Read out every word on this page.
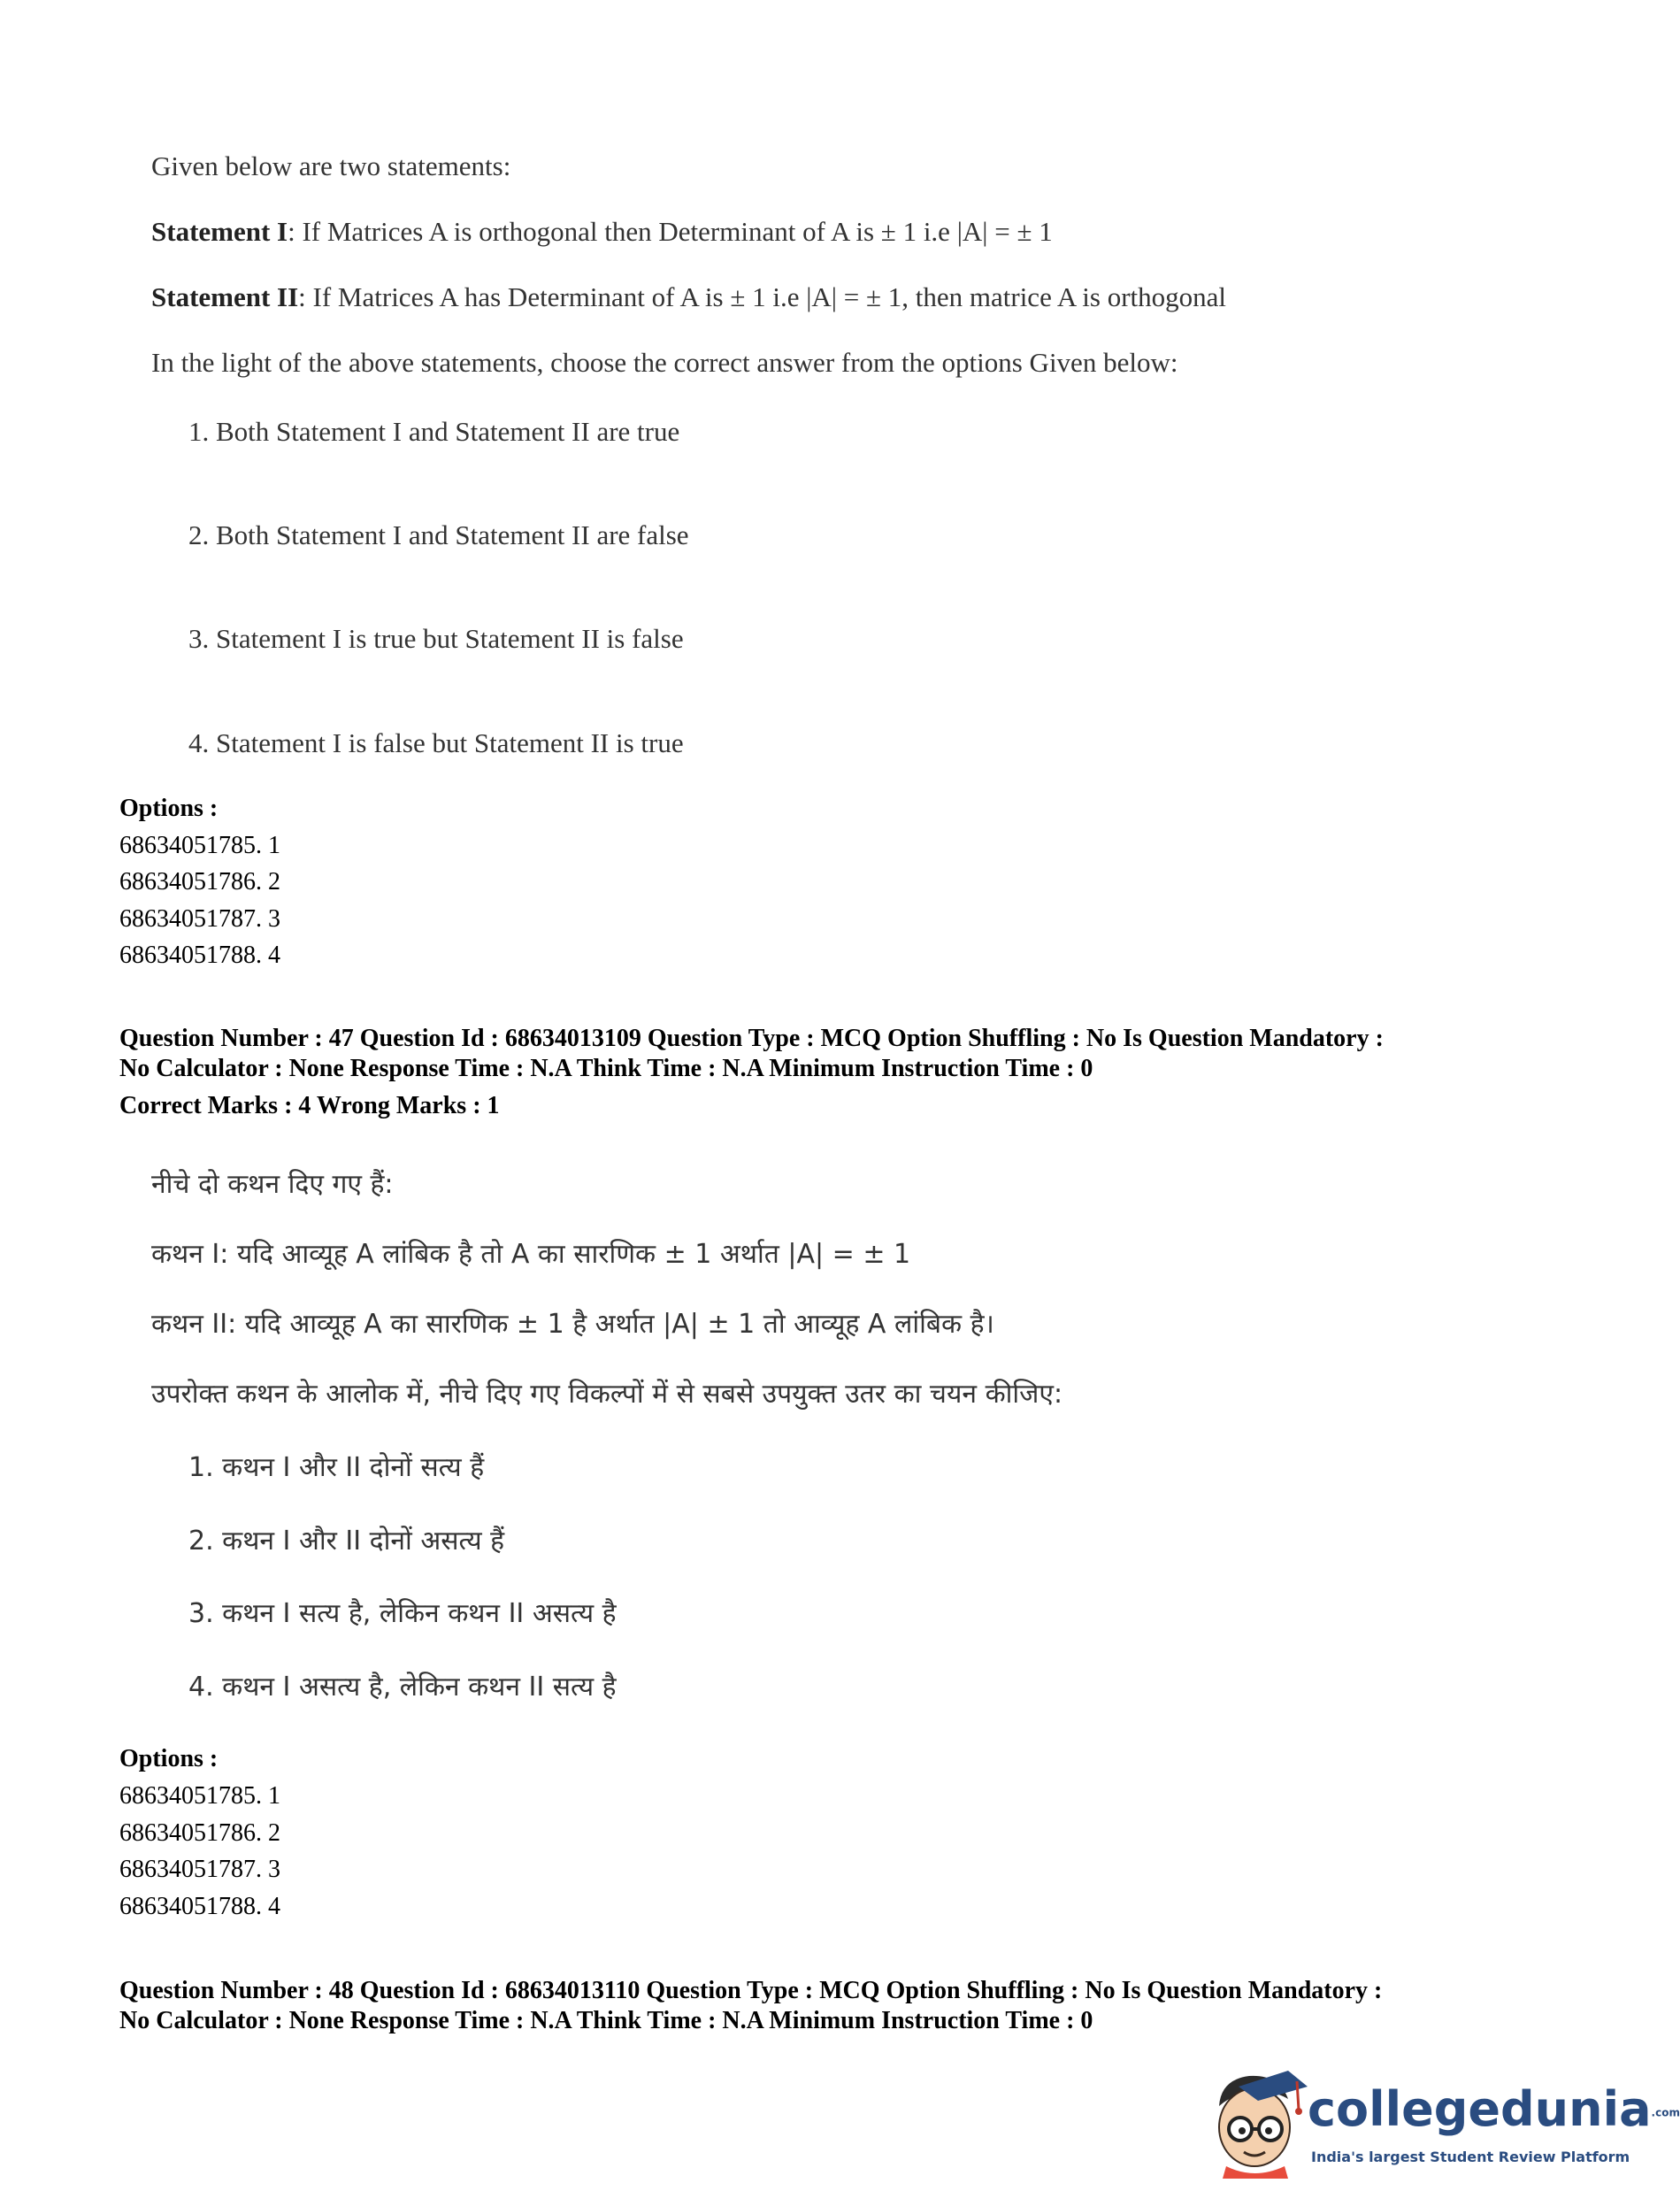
Given below are two statements:
Statement I: If Matrices A is orthogonal then Determinant of A is ± 1 i.e |A| = ± 1
Statement II: If Matrices A has Determinant of A is ± 1 i.e |A| = ± 1, then matrice A is orthogonal
In the light of the above statements, choose the correct answer from the options Given below:
1. Both Statement I and Statement II are true
2. Both Statement I and Statement II are false
3. Statement I is true but Statement II is false
4. Statement I is false but Statement II is true
Options :
68634051785. 1
68634051786. 2
68634051787. 3
68634051788. 4
Question Number : 47 Question Id : 68634013109 Question Type : MCQ Option Shuffling : No Is Question Mandatory :
No Calculator : None Response Time : N.A Think Time : N.A Minimum Instruction Time : 0
Correct Marks : 4 Wrong Marks : 1
नीचे दो कथन दिए गए हैं:
कथन I: यदि आव्यूह A लांबिक है तो A का सारणिक ± 1 अर्थात |A| = ± 1
कथन II: यदि आव्यूह A का सारणिक ± 1 है अर्थात |A| ± 1 तो आव्यूह A लांबिक है।
उपरोक्त कथन के आलोक में, नीचे दिए गए विकल्पों में से सबसे उपयुक्त उतर का चयन कीजिए:
1. कथन I और II दोनों सत्य हैं
2. कथन I और II दोनों असत्य हैं
3. कथन I सत्य है, लेकिन कथन II असत्य है
4. कथन I असत्य है, लेकिन कथन II सत्य है
Options :
68634051785. 1
68634051786. 2
68634051787. 3
68634051788. 4
Question Number : 48 Question Id : 68634013110 Question Type : MCQ Option Shuffling : No Is Question Mandatory :
No Calculator : None Response Time : N.A Think Time : N.A Minimum Instruction Time : 0
collegedunia.com
India's largest Student Review Platform
